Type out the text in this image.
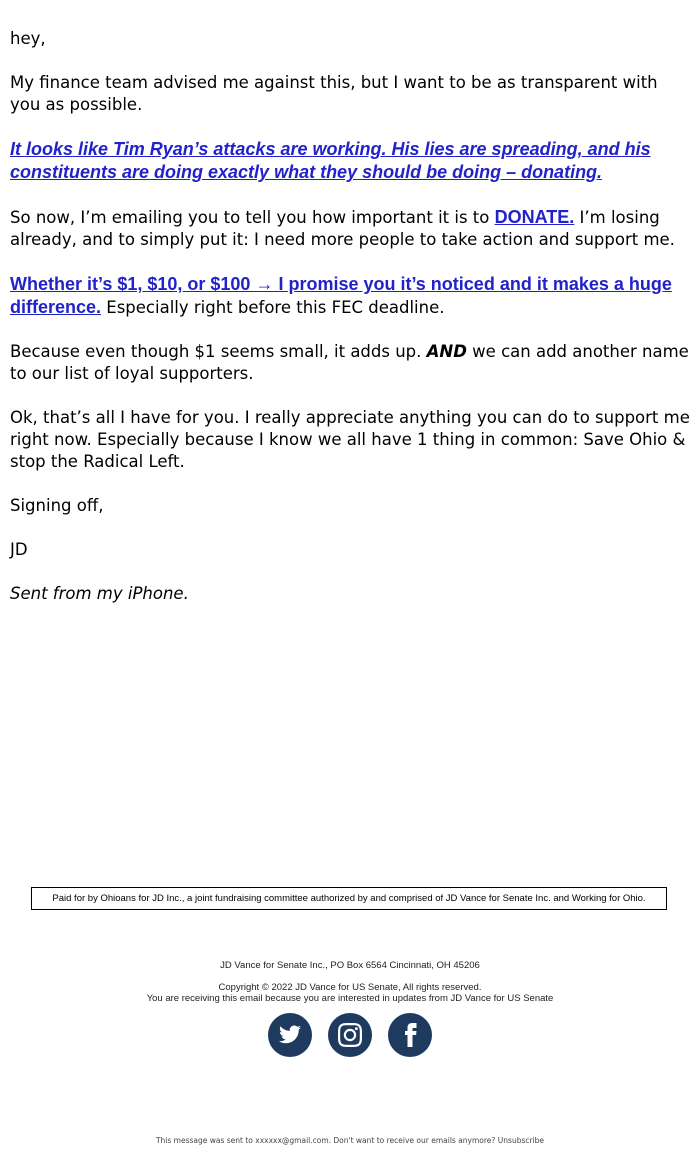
hey,

My finance team advised me against this, but I want to be as transparent with you as possible.

It looks like Tim Ryan’s attacks are working. His lies are spreading, and his constituents are doing exactly what they should be doing – donating.

So now, I’m emailing you to tell you how important it is to DONATE. I’m losing already, and to simply put it: I need more people to take action and support me.

Whether it’s $1, $10, or $100 → I promise you it’s noticed and it makes a huge difference. Especially right before this FEC deadline.

Because even though $1 seems small, it adds up. AND we can add another name to our list of loyal supporters.

Ok, that’s all I have for you. I really appreciate anything you can do to support me right now. Especially because I know we all have 1 thing in common: Save Ohio & stop the Radical Left.

Signing off,

JD

Sent from my iPhone.

Paid for by Ohioans for JD Inc., a joint fundraising committee authorized by and comprised of JD Vance for Senate Inc. and Working for Ohio.
JD Vance for Senate Inc., PO Box 6564 Cincinnati, OH 45206
Copyright © 2022 JD Vance for US Senate, All rights reserved.
You are receiving this email because you are interested in updates from JD Vance for US Senate
This message was sent to xxxxxx@gmail.com. Don't want to receive our emails anymore? Unsubscribe
